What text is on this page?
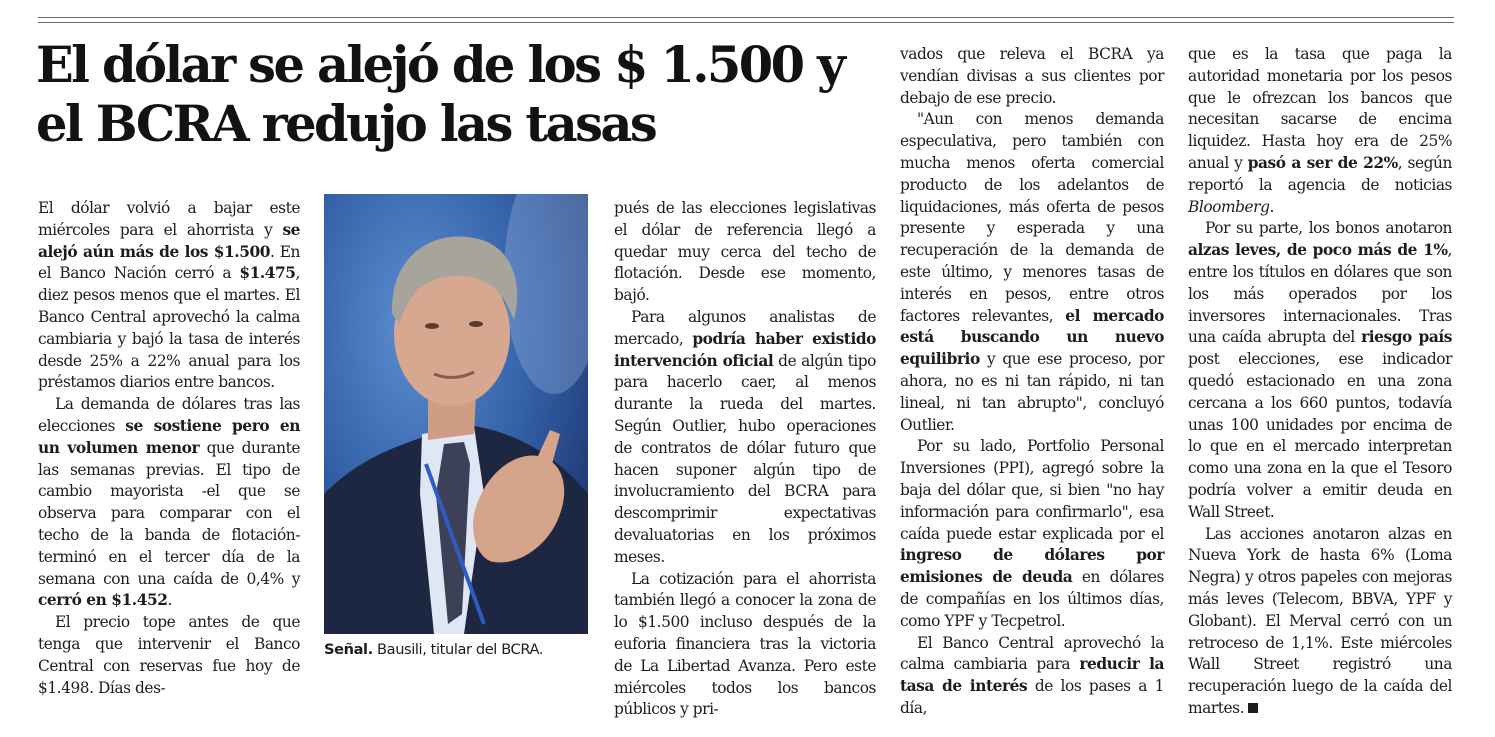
El dólar se alejó de los $ 1.500 y el BCRA redujo las tasas

El dólar volvió a bajar este miércoles para el ahorrista y se alejó aún más de los $1.500. En el Banco Nación cerró a $1.475, diez pesos menos que el martes. El Banco Central aprovechó la calma cambiaria y bajó la tasa de interés desde 25% a 22% anual para los préstamos diarios entre bancos.

La demanda de dólares tras las elecciones se sostiene pero en un volumen menor que durante las semanas previas. El tipo de cambio mayorista -el que se observa para comparar con el techo de la banda de flotación- terminó en el tercer día de la semana con una caída de 0,4% y cerró en $1.452.

El precio tope antes de que tenga que intervenir el Banco Central con reservas fue hoy de $1.498. Días des-

Señal. Bausili, titular del BCRA.

pués de las elecciones legislativas el dólar de referencia llegó a quedar muy cerca del techo de flotación. Desde ese momento, bajó.

Para algunos analistas de mercado, podría haber existido intervención oficial de algún tipo para hacerlo caer, al menos durante la rueda del martes. Según Outlier, hubo operaciones de contratos de dólar futuro que hacen suponer algún tipo de involucramiento del BCRA para descomprimir expectativas devaluatorias en los próximos meses.

La cotización para el ahorrista también llegó a conocer la zona de lo $1.500 incluso después de la euforia financiera tras la victoria de La Libertad Avanza. Pero este miércoles todos los bancos públicos y pri-

vados que releva el BCRA ya vendían divisas a sus clientes por debajo de ese precio.

"Aun con menos demanda especulativa, pero también con mucha menos oferta comercial producto de los adelantos de liquidaciones, más oferta de pesos presente y esperada y una recuperación de la demanda de este último, y menores tasas de interés en pesos, entre otros factores relevantes, el mercado está buscando un nuevo equilibrio y que ese proceso, por ahora, no es ni tan rápido, ni tan lineal, ni tan abrupto", concluyó Outlier.

Por su lado, Portfolio Personal Inversiones (PPI), agregó sobre la baja del dólar que, si bien "no hay información para confirmarlo", esa caída puede estar explicada por el ingreso de dólares por emisiones de deuda en dólares de compañías en los últimos días, como YPF y Tecpetrol.

El Banco Central aprovechó la calma cambiaria para reducir la tasa de interés de los pases a 1 día,

que es la tasa que paga la autoridad monetaria por los pesos que le ofrezcan los bancos que necesitan sacarse de encima liquidez. Hasta hoy era de 25% anual y pasó a ser de 22%, según reportó la agencia de noticias Bloomberg.

Por su parte, los bonos anotaron alzas leves, de poco más de 1%, entre los títulos en dólares que son los más operados por los inversores internacionales. Tras una caída abrupta del riesgo país post elecciones, ese indicador quedó estacionado en una zona cercana a los 660 puntos, todavía unas 100 unidades por encima de lo que en el mercado interpretan como una zona en la que el Tesoro podría volver a emitir deuda en Wall Street.

Las acciones anotaron alzas en Nueva York de hasta 6% (Loma Negra) y otros papeles con mejoras más leves (Telecom, BBVA, YPF y Globant). El Merval cerró con un retroceso de 1,1%. Este miércoles Wall Street registró una recuperación luego de la caída del martes.
